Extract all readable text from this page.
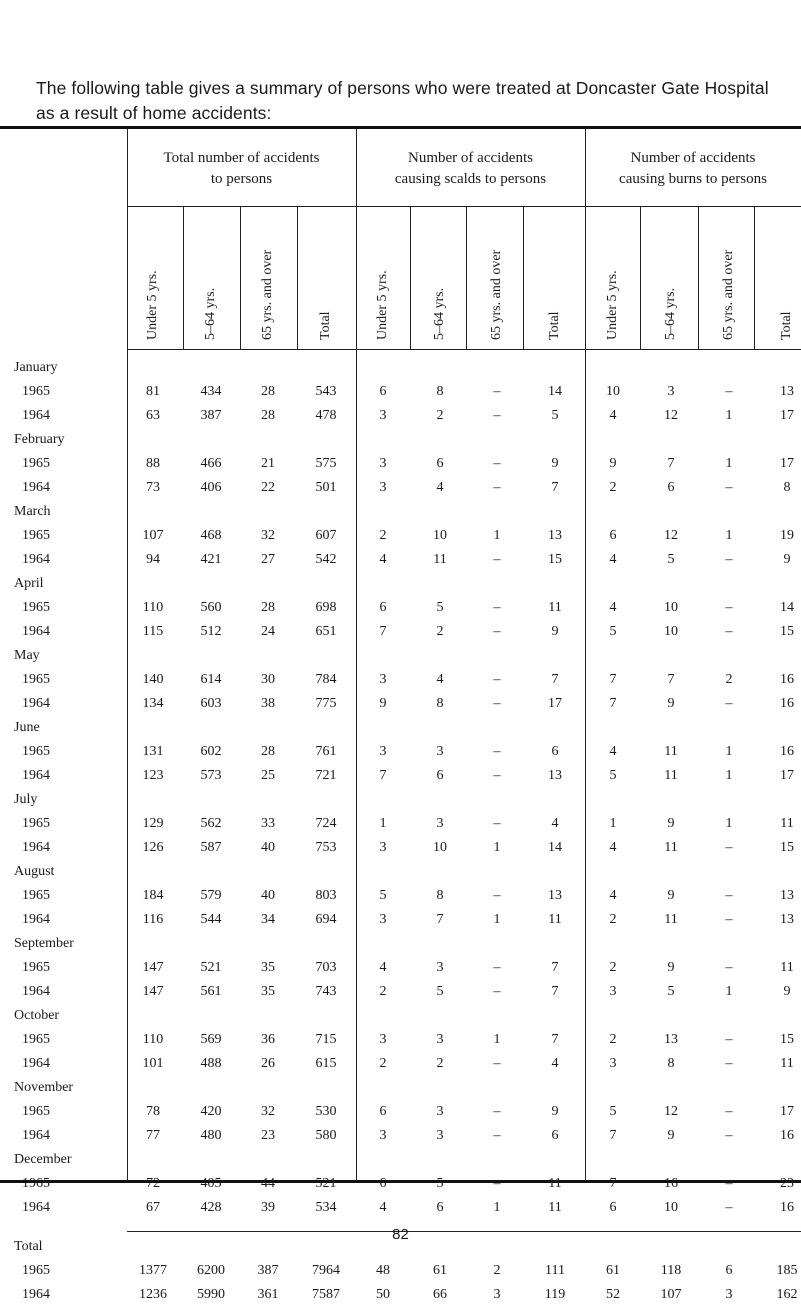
The following table gives a summary of persons who were treated at Doncaster Gate Hospital as a result of home accidents:
Total number of accidents
to persons
Number of accidents
causing scalds to persons
Number of accidents
causing burns to persons
Under 5 yrs.	5–64 yrs.	65 yrs. and over	Total	Under 5 yrs.	5–64 yrs.	65 yrs. and over	Total	Under 5 yrs.	5–64 yrs.	65 yrs. and over	Total
January
1965	81	434	28	543	6	8	–	14	10	3	–	13
1964	63	387	28	478	3	2	–	5	4	12	1	17
February
1965	88	466	21	575	3	6	–	9	9	7	1	17
1964	73	406	22	501	3	4	–	7	2	6	–	8
March
1965	107	468	32	607	2	10	1	13	6	12	1	19
1964	94	421	27	542	4	11	–	15	4	5	–	9
April
1965	110	560	28	698	6	5	–	11	4	10	–	14
1964	115	512	24	651	7	2	–	9	5	10	–	15
May
1965	140	614	30	784	3	4	–	7	7	7	2	16
1964	134	603	38	775	9	8	–	17	7	9	–	16
June
1965	131	602	28	761	3	3	–	6	4	11	1	16
1964	123	573	25	721	7	6	–	13	5	11	1	17
July
1965	129	562	33	724	1	3	–	4	1	9	1	11
1964	126	587	40	753	3	10	1	14	4	11	–	15
August
1965	184	579	40	803	5	8	–	13	4	9	–	13
1964	116	544	34	694	3	7	1	11	2	11	–	13
September
1965	147	521	35	703	4	3	–	7	2	9	–	11
1964	147	561	35	743	2	5	–	7	3	5	1	9
October
1965	110	569	36	715	3	3	1	7	2	13	–	15
1964	101	488	26	615	2	2	–	4	3	8	–	11
November
1965	78	420	32	530	6	3	–	9	5	12	–	17
1964	77	480	23	580	3	3	–	6	7	9	–	16
December
1965	72	405	44	521	6	5	–	11	7	16	–	23
1964	67	428	39	534	4	6	1	11	6	10	–	16
Total
1965	1377	6200	387	7964	48	61	2	111	61	118	6	185
1964	1236	5990	361	7587	50	66	3	119	52	107	3	162
82
